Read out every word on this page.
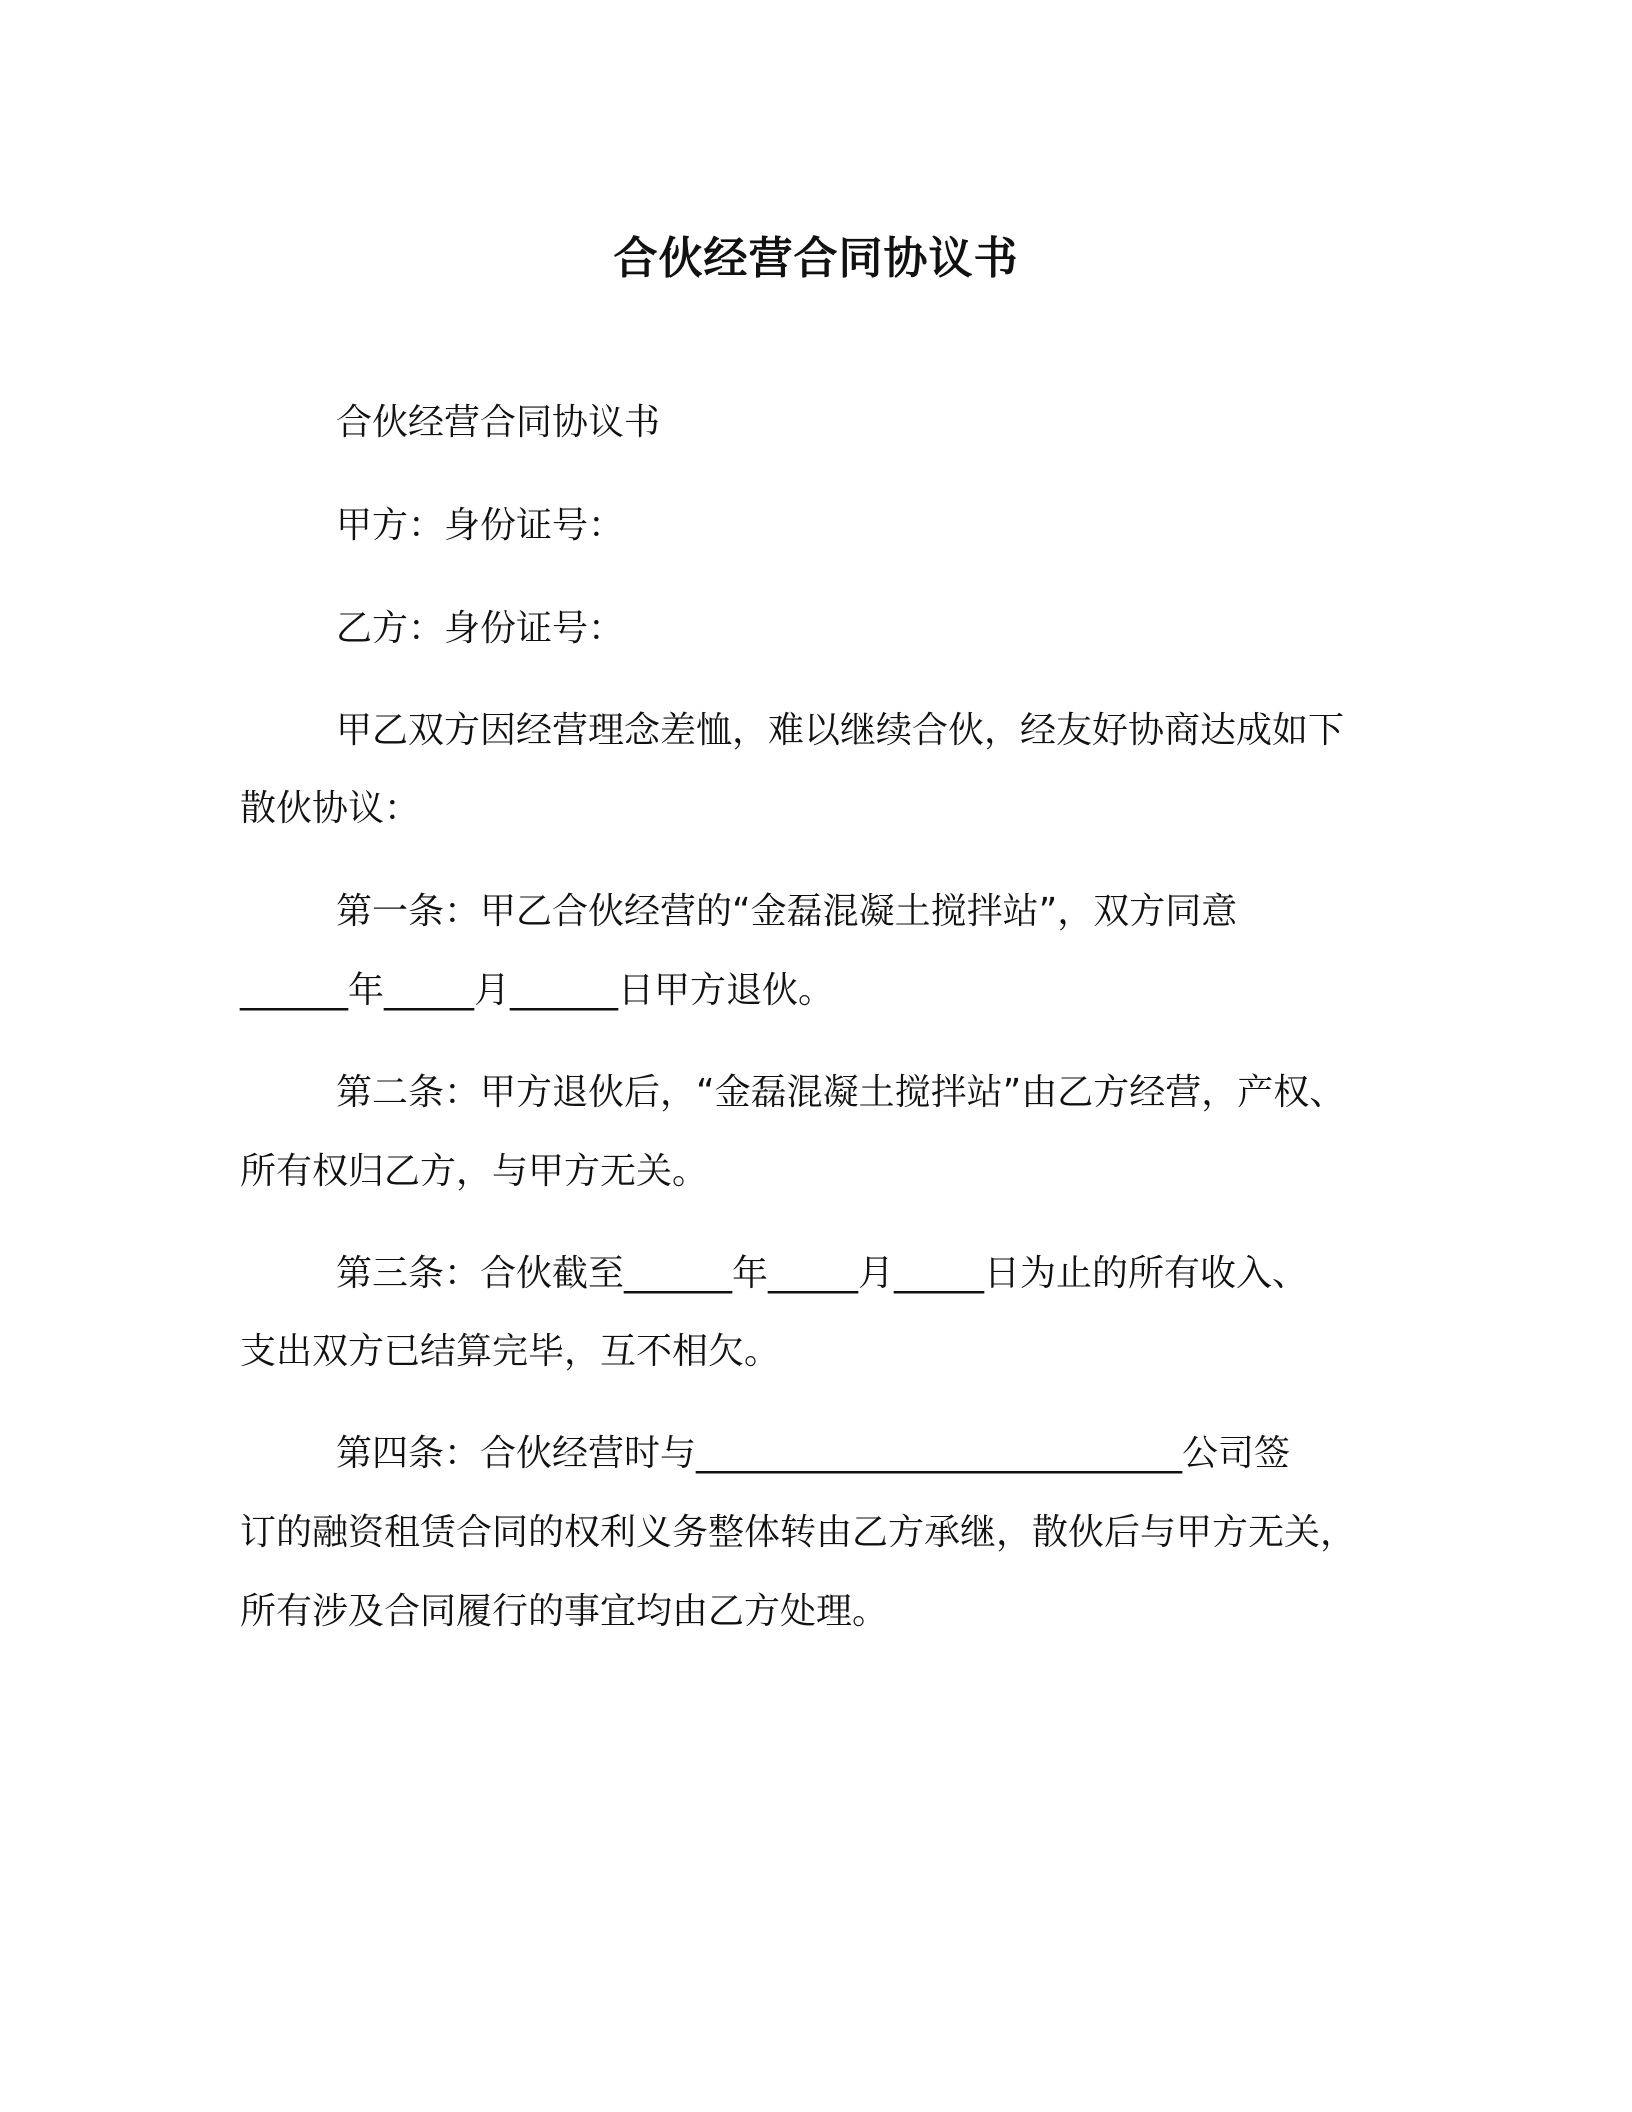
合伙经营合同协议书
合伙经营合同协议书
甲方：身份证号：
乙方：身份证号：
甲乙双方因经营理念差恤，难以继续合伙，经友好协商达成如下
散伙协议：
第一条：甲乙合伙经营的“金磊混凝土搅拌站”，双方同意
______年_____月______日甲方退伙。
第二条：甲方退伙后，“金磊混凝土搅拌站”由乙方经营，产权、
所有权归乙方，与甲方无关。
第三条：合伙截至______年_____月_____日为止的所有收入、
支出双方已结算完毕，互不相欠。
第四条：合伙经营时与___________________________公司签
订的融资租赁合同的权利义务整体转由乙方承继，散伙后与甲方无关，
所有涉及合同履行的事宜均由乙方处理。
